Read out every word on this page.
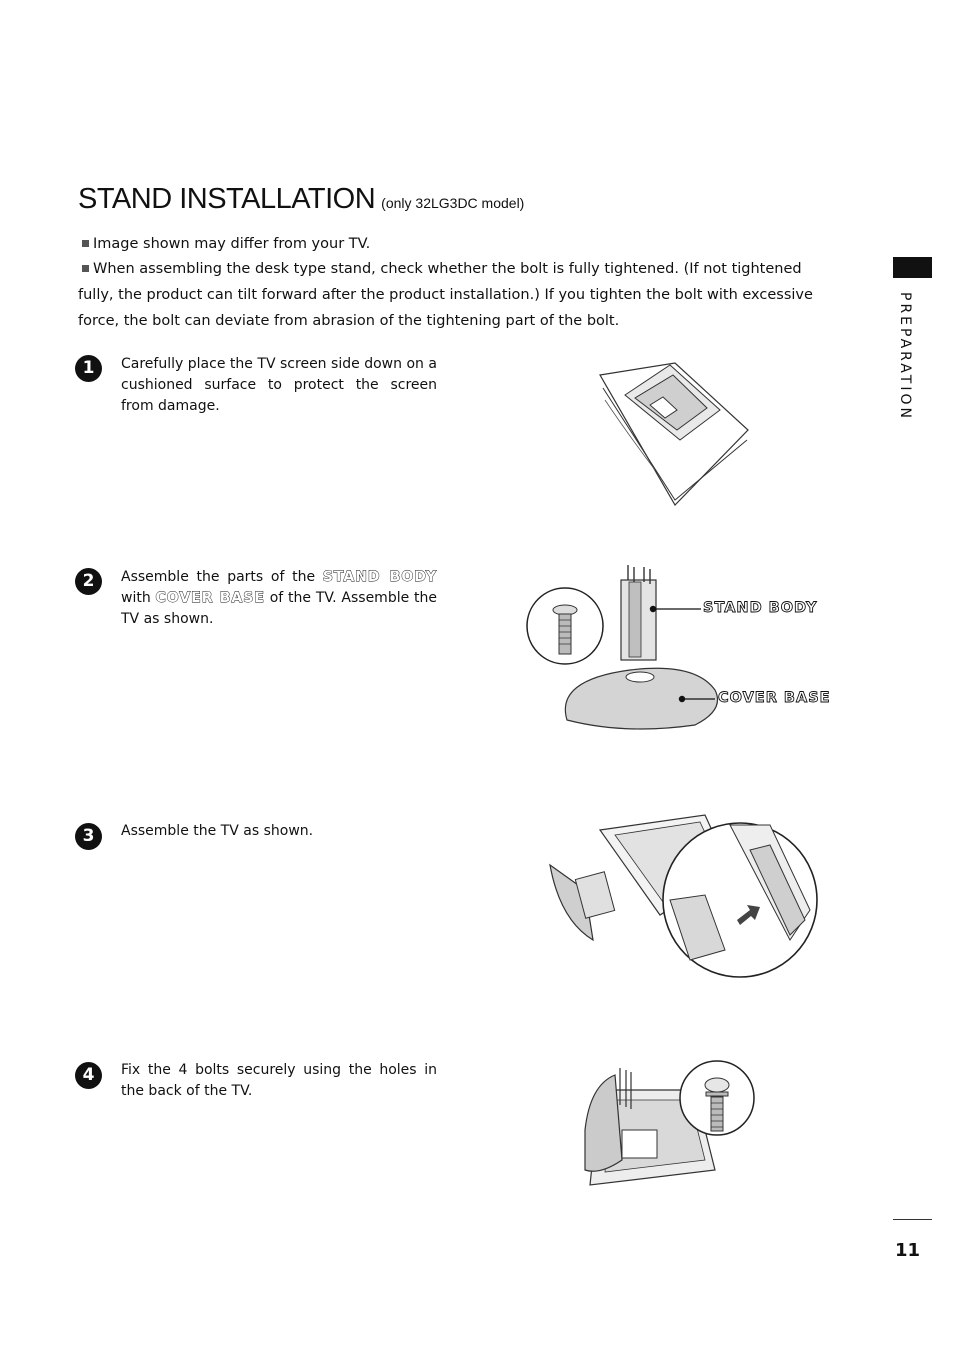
STAND INSTALLATION (only 32LG3DC model)
Image shown may differ from your TV.
When assembling the desk type stand, check whether the bolt is fully tightened. (If not tightened fully, the product can tilt forward after the product installation.) If you tighten the bolt with excessive force, the bolt can deviate from abrasion of the tightening part of the bolt.
1	Carefully place the TV screen side down on a cushioned surface to protect the screen from damage.
2	Assemble the parts of the STAND BODY with COVER BASE of the TV. Assemble the TV as shown.
STAND BODY
COVER BASE
3	Assemble the TV as shown.
4	Fix the 4 bolts securely using the holes in the back of the TV.
PREPARATION
11
